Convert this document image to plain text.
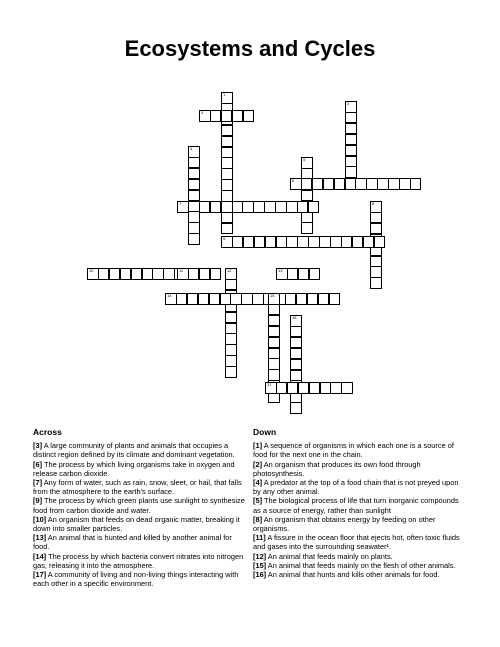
Ecosystems and Cycles
1
2
3
4
5
6
7	8
9
10	11	12	13
14	15
16
17
Across
[3] A large community of plants and animals that occupies a distinct region defined by its climate and dominant vegetation.
[6] The process by which living organisms take in oxygen and release carbon dioxide.
[7] Any form of water, such as rain, snow, sleet, or hail, that falls from the atmosphere to the earth's surface.
[9] The process by which green plants use sunlight to synthesize food from carbon dioxide and water.
[10] An organism that feeds on dead organic matter, breaking it down into smaller particles.
[13] An animal that is hunted and killed by another animal for food.
[14] The process by which bacteria convert nitrates into nitrogen gas, releasing it into the atmosphere.
[17] A community of living and non-living things interacting with each other in a specific environment.
Down
[1] A sequence of organisms in which each one is a source of food for the next one in the chain.
[2] An organism that produces its own food through photosynthesis.
[4] A predator at the top of a food chain that is not preyed upon by any other animal.
[5] The biological process of life that turn inorganic compounds as a source of energy, rather than sunlight
[8] An organism that obtains energy by feeding on other organisms.
[11] A fissure in the ocean floor that ejects hot, often toxic fluids and gases into the surrounding seawater¹.
[12] An animal that feeds mainly on plants.
[15] An animal that feeds mainly on the flesh of other animals.
[16] An animal that hunts and kills other animals for food.
